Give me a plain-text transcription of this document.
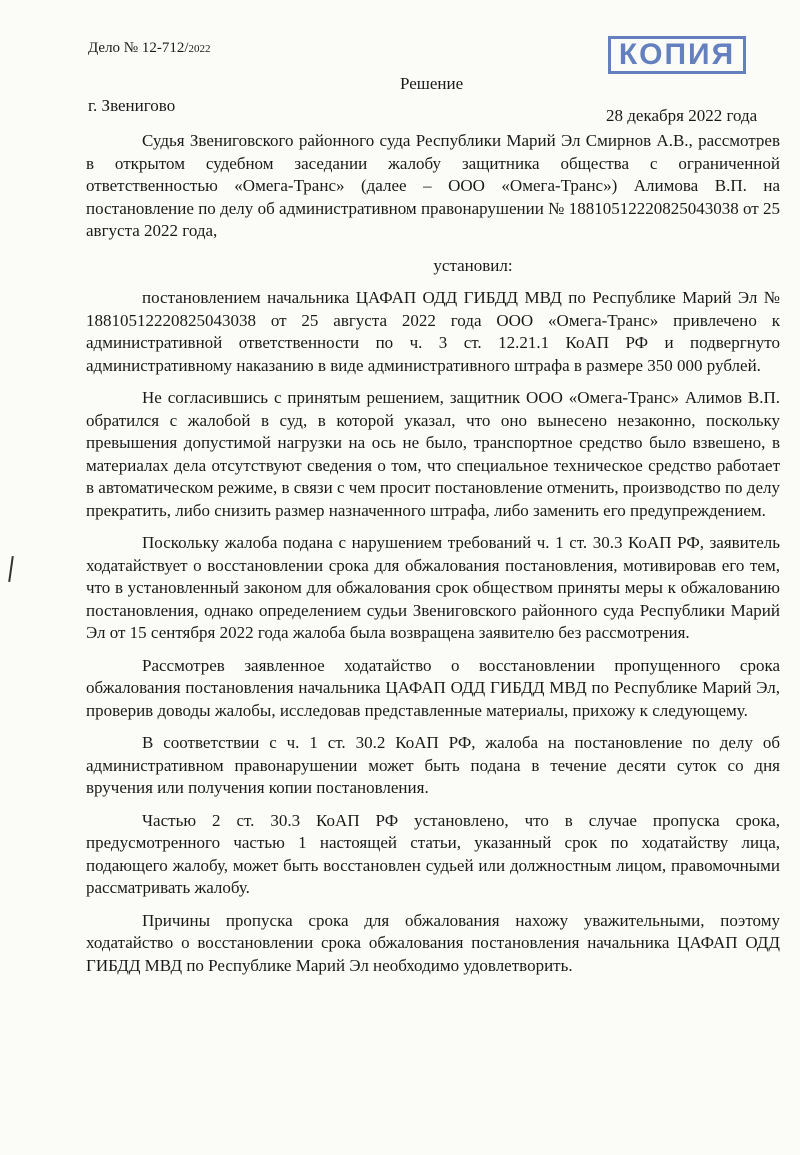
Дело № 12-712/2022	КОПИЯ
Решение
г. Звенигово
28 декабря 2022 года

Судья Звениговского районного суда Республики Марий Эл Смирнов А.В., рассмотрев в открытом судебном заседании жалобу защитника общества с ограниченной ответственностью «Омега-Транс» (далее – ООО «Омега-Транс») Алимова В.П. на постановление по делу об административном правонарушении № 18810512220825043038 от 25 августа 2022 года,

установил:

постановлением начальника ЦАФАП ОДД ГИБДД МВД по Республике Марий Эл № 18810512220825043038 от 25 августа 2022 года ООО «Омега-Транс» привлечено к административной ответственности по ч. 3 ст. 12.21.1 КоАП РФ и подвергнуто административному наказанию в виде административного штрафа в размере 350 000 рублей.

Не согласившись с принятым решением, защитник ООО «Омега-Транс» Алимов В.П. обратился с жалобой в суд, в которой указал, что оно вынесено незаконно, поскольку превышения допустимой нагрузки на ось не было, транспортное средство было взвешено, в материалах дела отсутствуют сведения о том, что специальное техническое средство работает в автоматическом режиме, в связи с чем просит постановление отменить, производство по делу прекратить, либо снизить размер назначенного штрафа, либо заменить его предупреждением.

Поскольку жалоба подана с нарушением требований ч. 1 ст. 30.3 КоАП РФ, заявитель ходатайствует о восстановлении срока для обжалования постановления, мотивировав его тем, что в установленный законом для обжалования срок обществом приняты меры к обжалованию постановления, однако определением судьи Звениговского районного суда Республики Марий Эл от 15 сентября 2022 года жалоба была возвращена заявителю без рассмотрения.

Рассмотрев заявленное ходатайство о восстановлении пропущенного срока обжалования постановления начальника ЦАФАП ОДД ГИБДД МВД по Республике Марий Эл, проверив доводы жалобы, исследовав представленные материалы, прихожу к следующему.

В соответствии с ч. 1 ст. 30.2 КоАП РФ, жалоба на постановление по делу об административном правонарушении может быть подана в течение десяти суток со дня вручения или получения копии постановления.

Частью 2 ст. 30.3 КоАП РФ установлено, что в случае пропуска срока, предусмотренного частью 1 настоящей статьи, указанный срок по ходатайству лица, подающего жалобу, может быть восстановлен судьей или должностным лицом, правомочными рассматривать жалобу.

Причины пропуска срока для обжалования нахожу уважительными, поэтому ходатайство о восстановлении срока обжалования постановления начальника ЦАФАП ОДД ГИБДД МВД по Республике Марий Эл необходимо удовлетворить.
